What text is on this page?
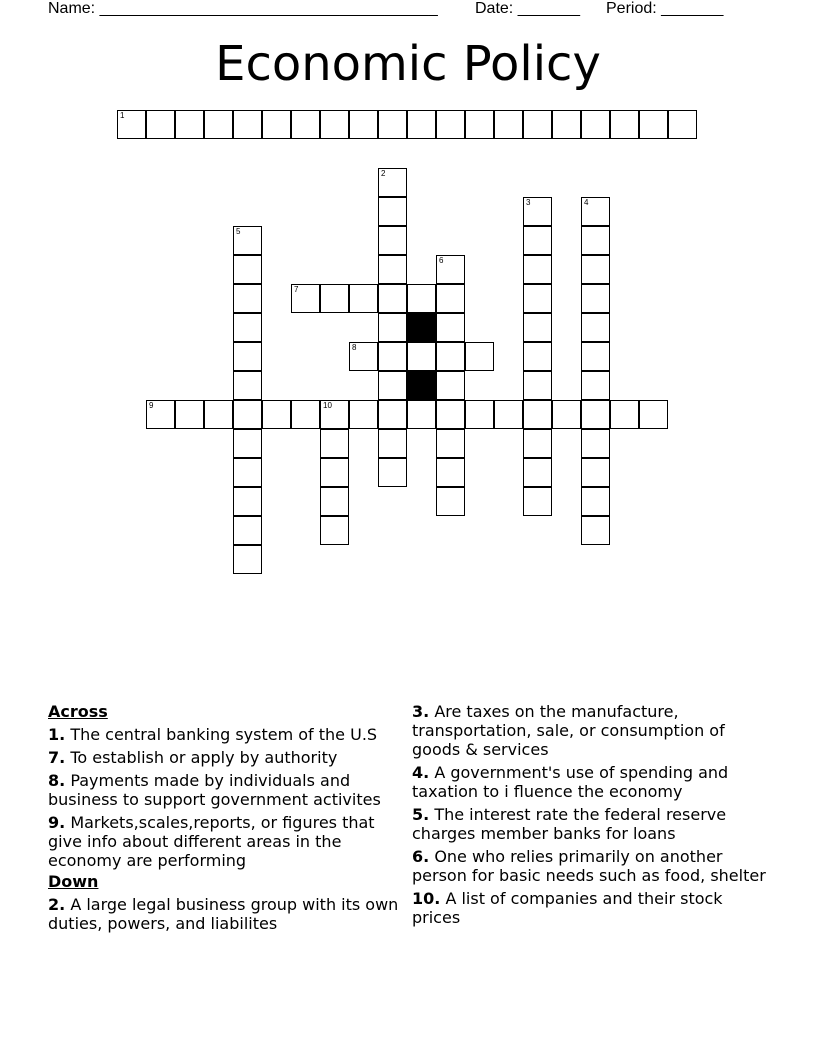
Name: ______________________________________ Date: _______ Period: _______
Economic Policy
1
2
3	4
5
6
7
8
9	10
Across
1. The central banking system of the U.S
7. To establish or apply by authority
8. Payments made by individuals and business to support government activites
9. Markets,scales,reports, or figures that give info about different areas in the economy are performing
Down
2. A large legal business group with its own duties, powers, and liabilites
3. Are taxes on the manufacture, transportation, sale, or consumption of goods & services
4. A government's use of spending and taxation to i fluence the economy
5. The interest rate the federal reserve charges member banks for loans
6. One who relies primarily on another person for basic needs such as food, shelter
10. A list of companies and their stock prices
